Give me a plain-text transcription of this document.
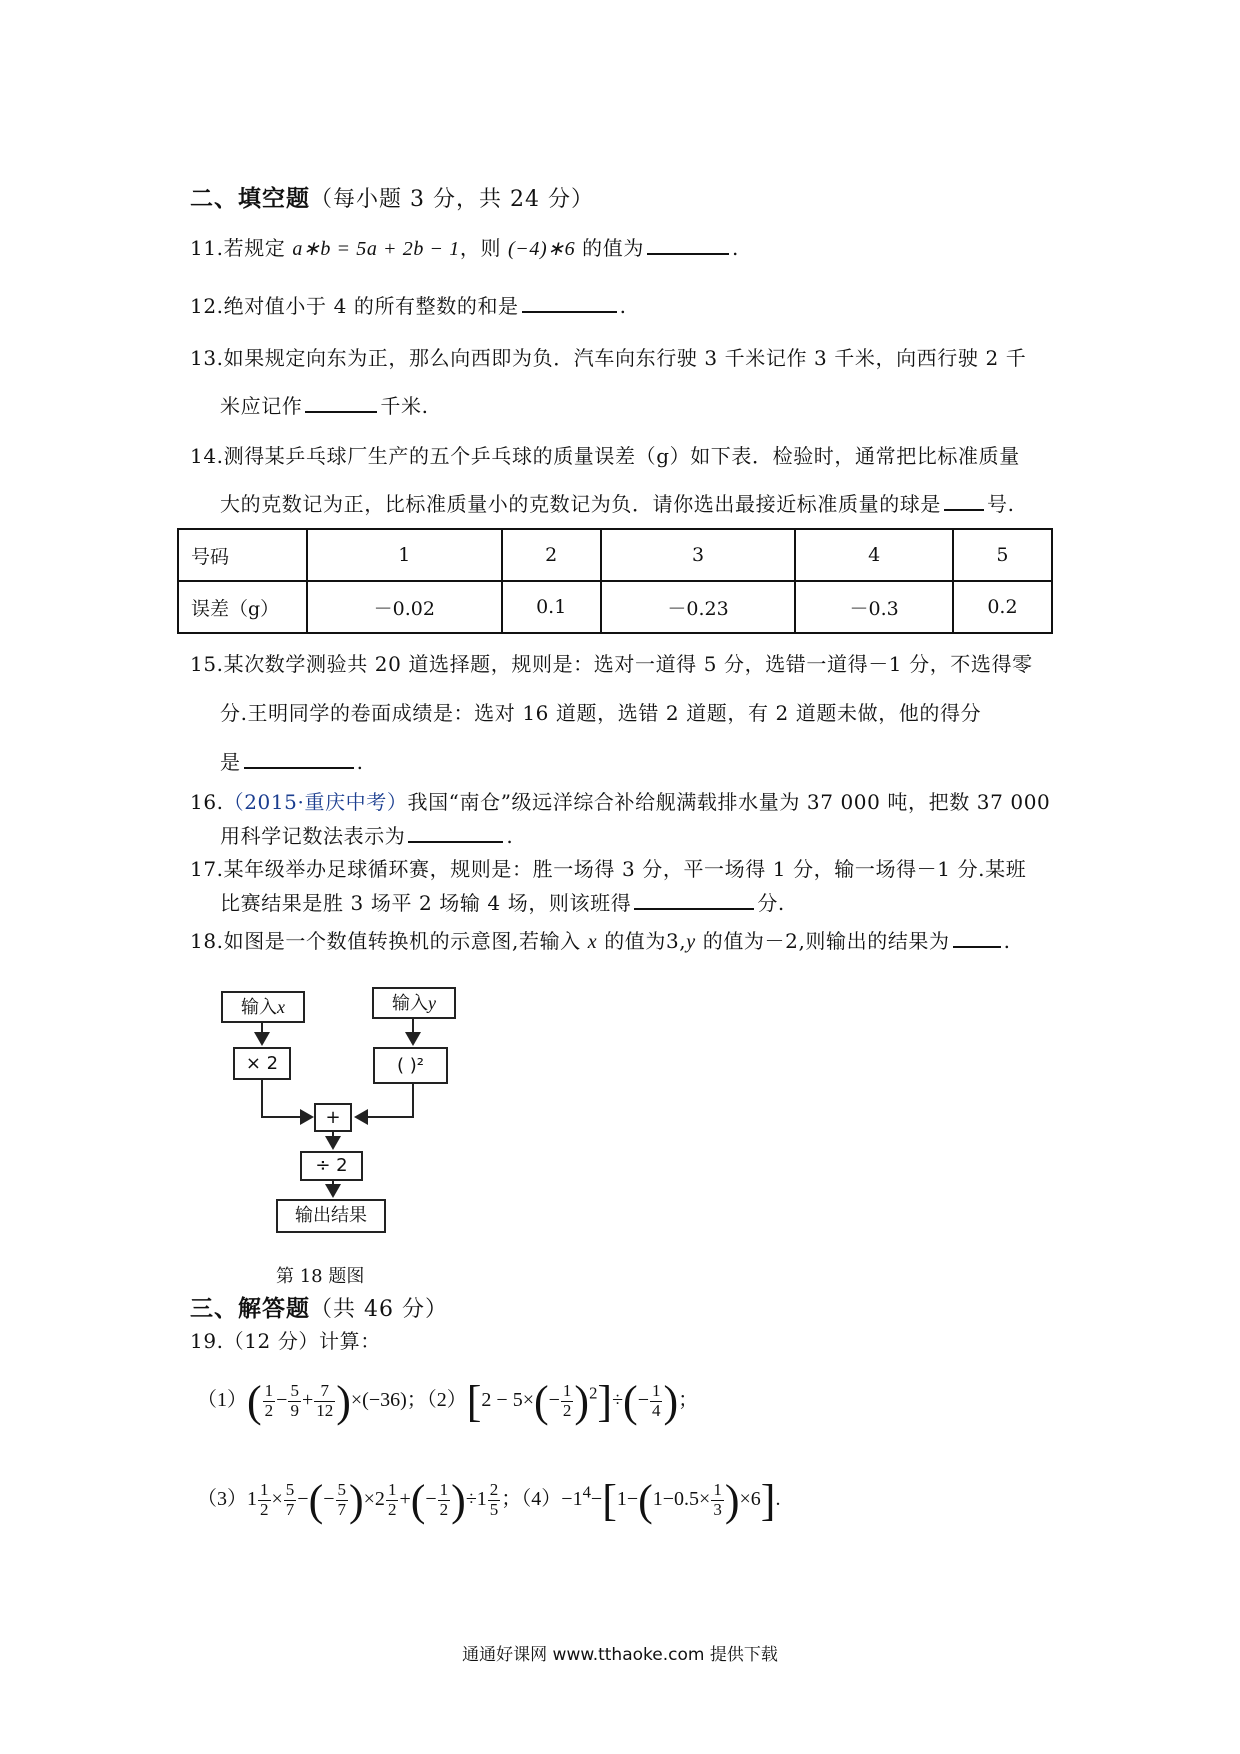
二、填空题（每小题 3 分，共 24 分）
11.若规定 a∗b = 5a + 2b − 1，则 (−4)∗6 的值为	.
12.绝对值小于 4 的所有整数的和是	.
13.如果规定向东为正，那么向西即为负．汽车向东行驶 3 千米记作 3 千米，向西行驶 2 千
米应记作	千米.
14.测得某乒乓球厂生产的五个乒乓球的质量误差（g）如下表．检验时，通常把比标准质量
大的克数记为正，比标准质量小的克数记为负．请你选出最接近标准质量的球是 号.
号码	1	2	3	4	5
误差（g）	－0.02	0.1	－0.23	－0.3	0.2
15.某次数学测验共 20 道选择题，规则是：选对一道得 5 分，选错一道得－1 分，不选得零
分.王明同学的卷面成绩是：选对 16 道题，选错 2 道题，有 2 道题未做，他的得分
是	.
16.（2015·重庆中考）我国“南仓”级远洋综合补给舰满载排水量为 37 000 吨，把数 37 000
用科学记数法表示为	.
17.某年级举办足球循环赛，规则是：胜一场得 3 分，平一场得 1 分，输一场得－1 分.某班
比赛结果是胜 3 场平 2 场输 4 场，则该班得	分.
18.如图是一个数值转换机的示意图,若输入 x 的值为3,y 的值为－2,则输出的结果为	.
输入x	输入y
× 2	( )²
+
÷ 2
输出结果
第 18 题图
三、解答题（共 46 分）
19.（12 分）计算：
$(1)( \frac{1}{2} - \frac{5}{9} + \frac{7}{12} )\times(-36)$；$(2)[2 - 5\times(- \frac{1}{2} )^2]\div(- \frac{1}{4}$ )；
$(3)1 \frac{1}{2} \times \frac{5}{7}$ −(− $\frac{5}{7} )\times 2 \frac{1}{2}$ +(− $\frac{1}{2} )\div 1 \frac{2}{5}$ ；$(4)-1^4-[1-(1-0.5\times \frac{1}{3} )\times 6]$.
通通好课网 www.tthaoke.com 提供下载
